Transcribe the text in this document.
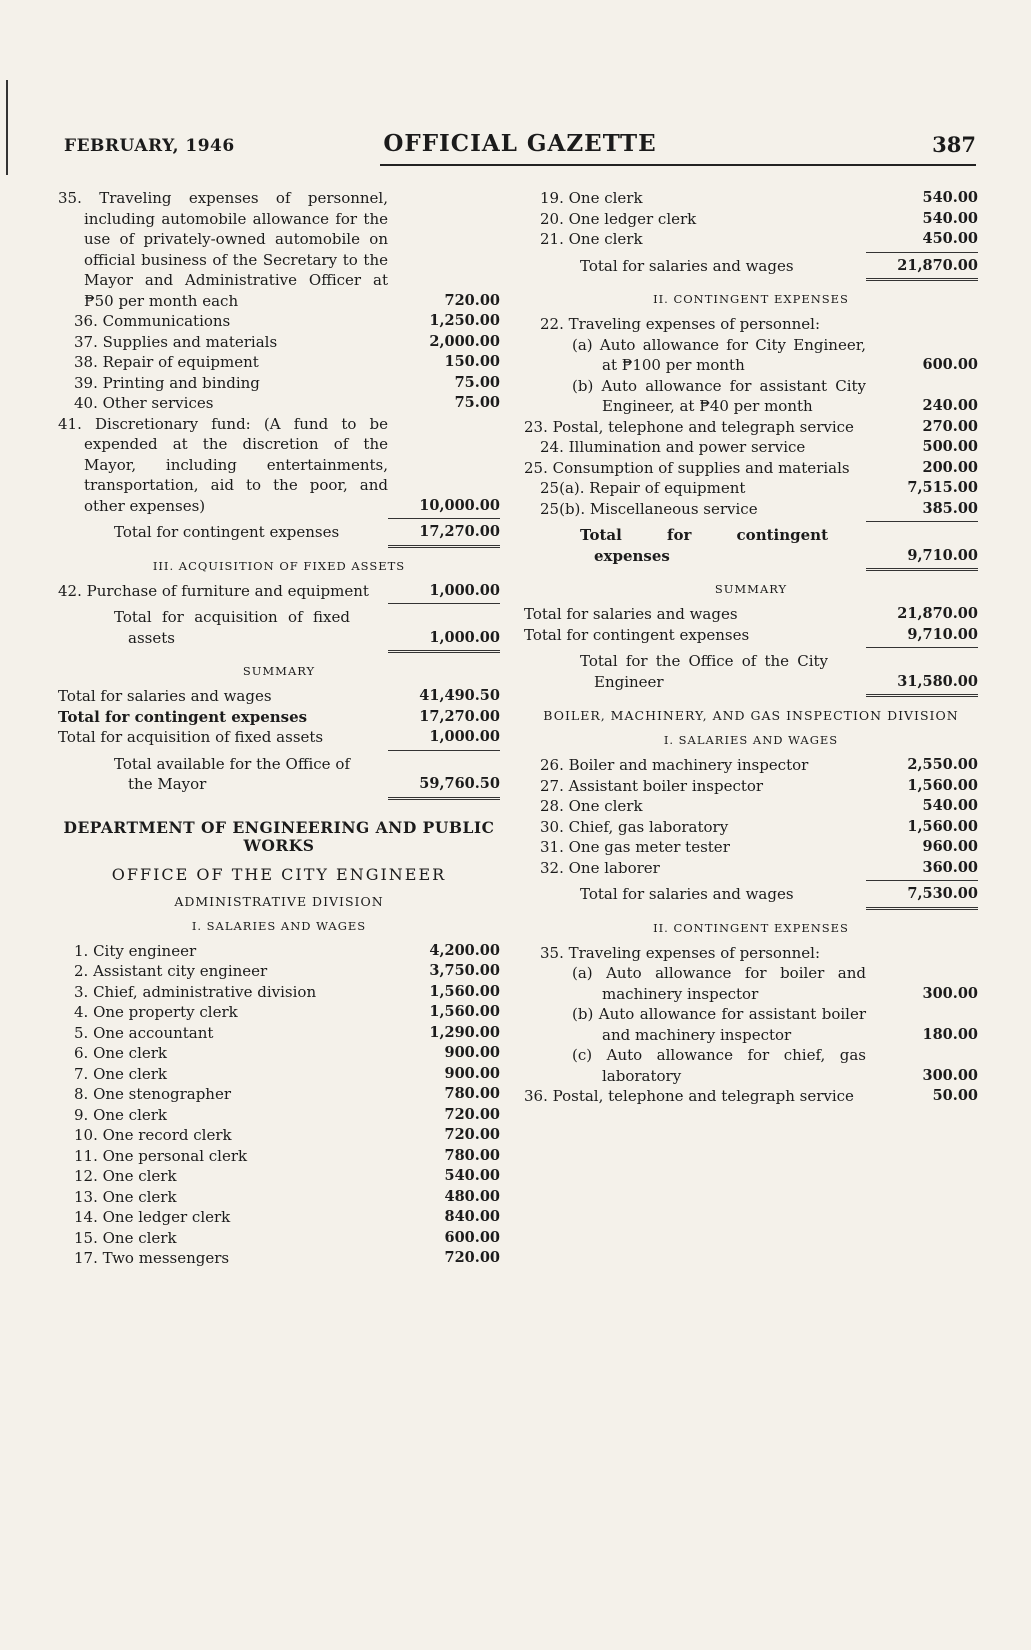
FEBRUARY, 1946	OFFICIAL GAZETTE	387
35. Traveling expenses of personnel, including automobile allowance for the use of privately-owned automobile on official business of the Secretary to the Mayor and Administrative Officer at ₱50 per month each	720.00
36. Communications	1,250.00
37. Supplies and materials	2,000.00
38. Repair of equipment	150.00
39. Printing and binding	75.00
40. Other services	75.00
41. Discretionary fund: (A fund to be expended at the discretion of the Mayor, including entertainments, transportation, aid to the poor, and other expenses)	10,000.00
Total for contingent expenses	17,270.00
III. ACQUISITION OF FIXED ASSETS
42. Purchase of furniture and equipment	1,000.00
Total for acquisition of fixed assets	1,000.00
SUMMARY
Total for salaries and wages	41,490.50
Total for contingent expenses	17,270.00
Total for acquisition of fixed assets	1,000.00
Total available for the Office of the Mayor	59,760.50
DEPARTMENT OF ENGINEERING AND PUBLIC WORKS
OFFICE OF THE CITY ENGINEER
ADMINISTRATIVE DIVISION
I. SALARIES AND WAGES
1. City engineer	4,200.00
2. Assistant city engineer	3,750.00
3. Chief, administrative division	1,560.00
4. One property clerk	1,560.00
5. One accountant	1,290.00
6. One clerk	900.00
7. One clerk	900.00
8. One stenographer	780.00
9. One clerk	720.00
10. One record clerk	720.00
11. One personal clerk	780.00
12. One clerk	540.00
13. One clerk	480.00
14. One ledger clerk	840.00
15. One clerk	600.00
17. Two messengers	720.00
19. One clerk	540.00
20. One ledger clerk	540.00
21. One clerk	450.00
Total for salaries and wages	21,870.00
II. CONTINGENT EXPENSES
22. Traveling expenses of personnel:
(a) Auto allowance for City Engineer, at ₱100 per month	600.00
(b) Auto allowance for assistant City Engineer, at ₱40 per month	240.00
23. Postal, telephone and telegraph service	270.00
24. Illumination and power service	500.00
25. Consumption of supplies and materials	200.00
25(a). Repair of equipment	7,515.00
25(b). Miscellaneous service	385.00
Total for contingent expenses	9,710.00
SUMMARY
Total for salaries and wages	21,870.00
Total for contingent expenses	9,710.00
Total for the Office of the City Engineer	31,580.00
BOILER, MACHINERY, AND GAS INSPECTION DIVISION
I. SALARIES AND WAGES
26. Boiler and machinery inspector	2,550.00
27. Assistant boiler inspector	1,560.00
28. One clerk	540.00
30. Chief, gas laboratory	1,560.00
31. One gas meter tester	960.00
32. One laborer	360.00
Total for salaries and wages	7,530.00
II. CONTINGENT EXPENSES
35. Traveling expenses of personnel:
(a) Auto allowance for boiler and machinery inspector	300.00
(b) Auto allowance for assistant boiler and machinery inspector	180.00
(c) Auto allowance for chief, gas laboratory	300.00
36. Postal, telephone and telegraph service	50.00
